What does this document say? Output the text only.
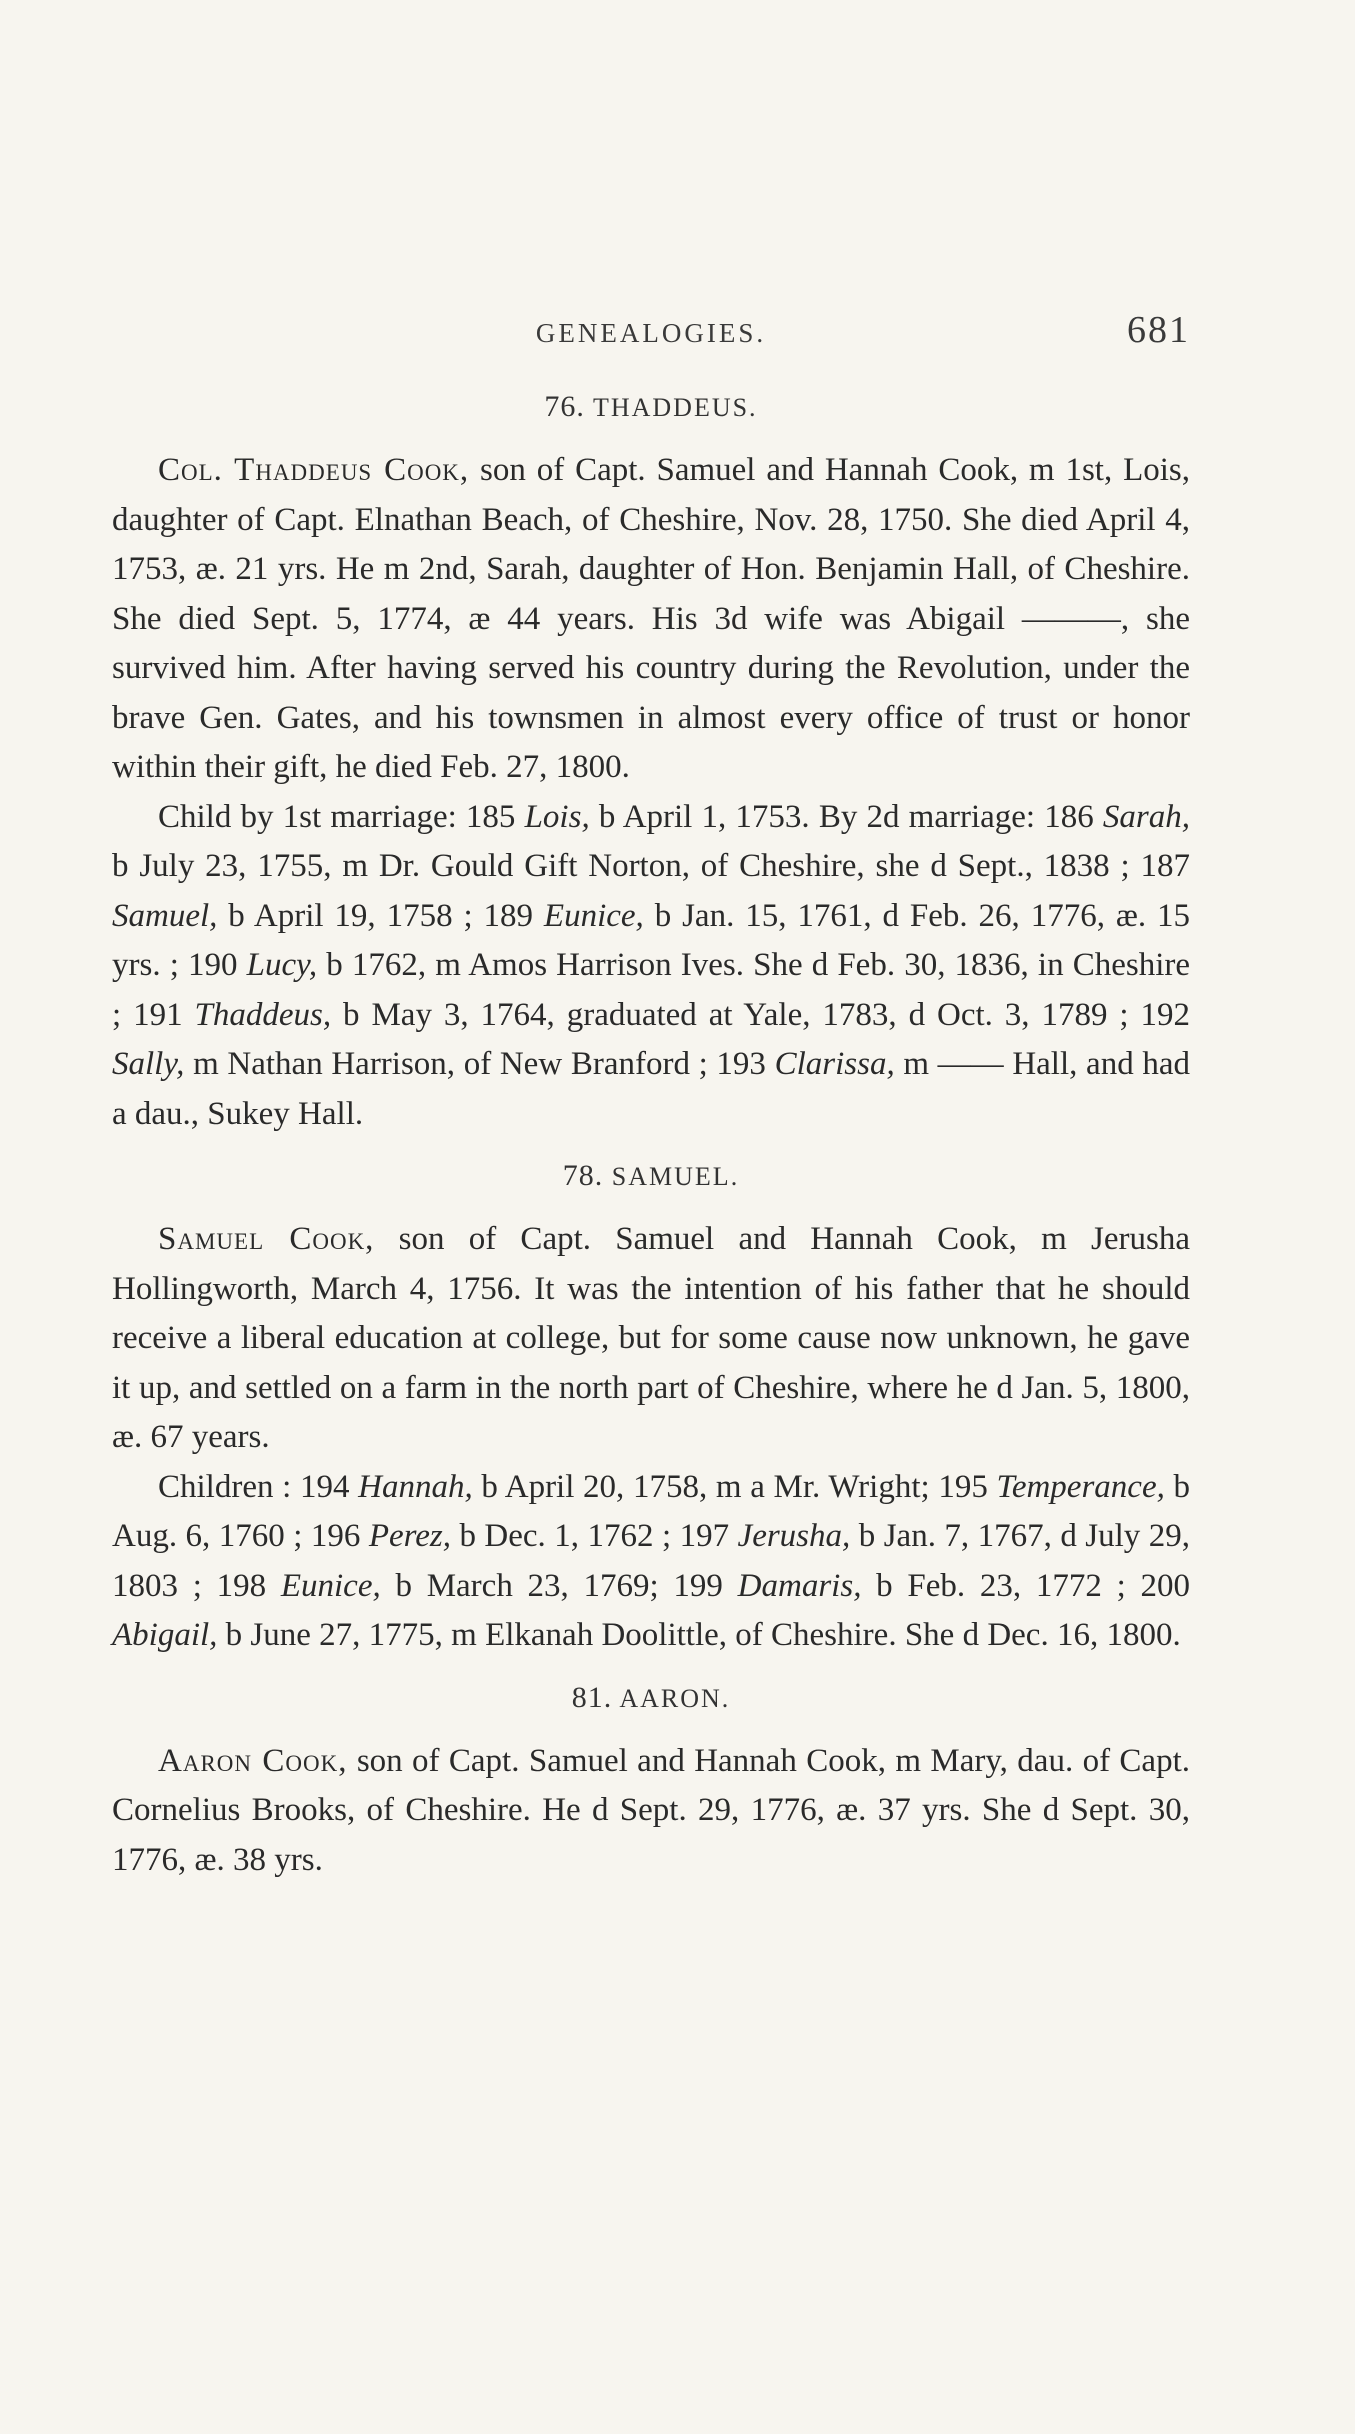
GENEALOGIES.	681
76. THADDEUS.

Col. Thaddeus Cook, son of Capt. Samuel and Hannah Cook, m 1st, Lois, daughter of Capt. Elnathan Beach, of Cheshire, Nov. 28, 1750. She died April 4, 1753, æ. 21 yrs. He m 2nd, Sarah, daughter of Hon. Benjamin Hall, of Cheshire. She died Sept. 5, 1774, æ 44 years. His 3d wife was Abigail ———, she survived him. After having served his country during the Revolution, under the brave Gen. Gates, and his townsmen in almost every office of trust or honor within their gift, he died Feb. 27, 1800.

Child by 1st marriage: 185 Lois, b April 1, 1753. By 2d marriage: 186 Sarah, b July 23, 1755, m Dr. Gould Gift Norton, of Cheshire, she d Sept., 1838 ; 187 Samuel, b April 19, 1758 ; 189 Eunice, b Jan. 15, 1761, d Feb. 26, 1776, æ. 15 yrs. ; 190 Lucy, b 1762, m Amos Harrison Ives. She d Feb. 30, 1836, in Cheshire ; 191 Thaddeus, b May 3, 1764, graduated at Yale, 1783, d Oct. 3, 1789 ; 192 Sally, m Nathan Harrison, of New Branford ; 193 Clarissa, m —— Hall, and had a dau., Sukey Hall.

78. SAMUEL.

Samuel Cook, son of Capt. Samuel and Hannah Cook, m Jerusha Hollingworth, March 4, 1756. It was the intention of his father that he should receive a liberal education at college, but for some cause now unknown, he gave it up, and settled on a farm in the north part of Cheshire, where he d Jan. 5, 1800, æ. 67 years.

Children : 194 Hannah, b April 20, 1758, m a Mr. Wright; 195 Temperance, b Aug. 6, 1760 ; 196 Perez, b Dec. 1, 1762 ; 197 Jerusha, b Jan. 7, 1767, d July 29, 1803 ; 198 Eunice, b March 23, 1769; 199 Damaris, b Feb. 23, 1772 ; 200 Abigail, b June 27, 1775, m Elkanah Doolittle, of Cheshire. She d Dec. 16, 1800.

81. AARON.

Aaron Cook, son of Capt. Samuel and Hannah Cook, m Mary, dau. of Capt. Cornelius Brooks, of Cheshire. He d Sept. 29, 1776, æ. 37 yrs. She d Sept. 30, 1776, æ. 38 yrs.
